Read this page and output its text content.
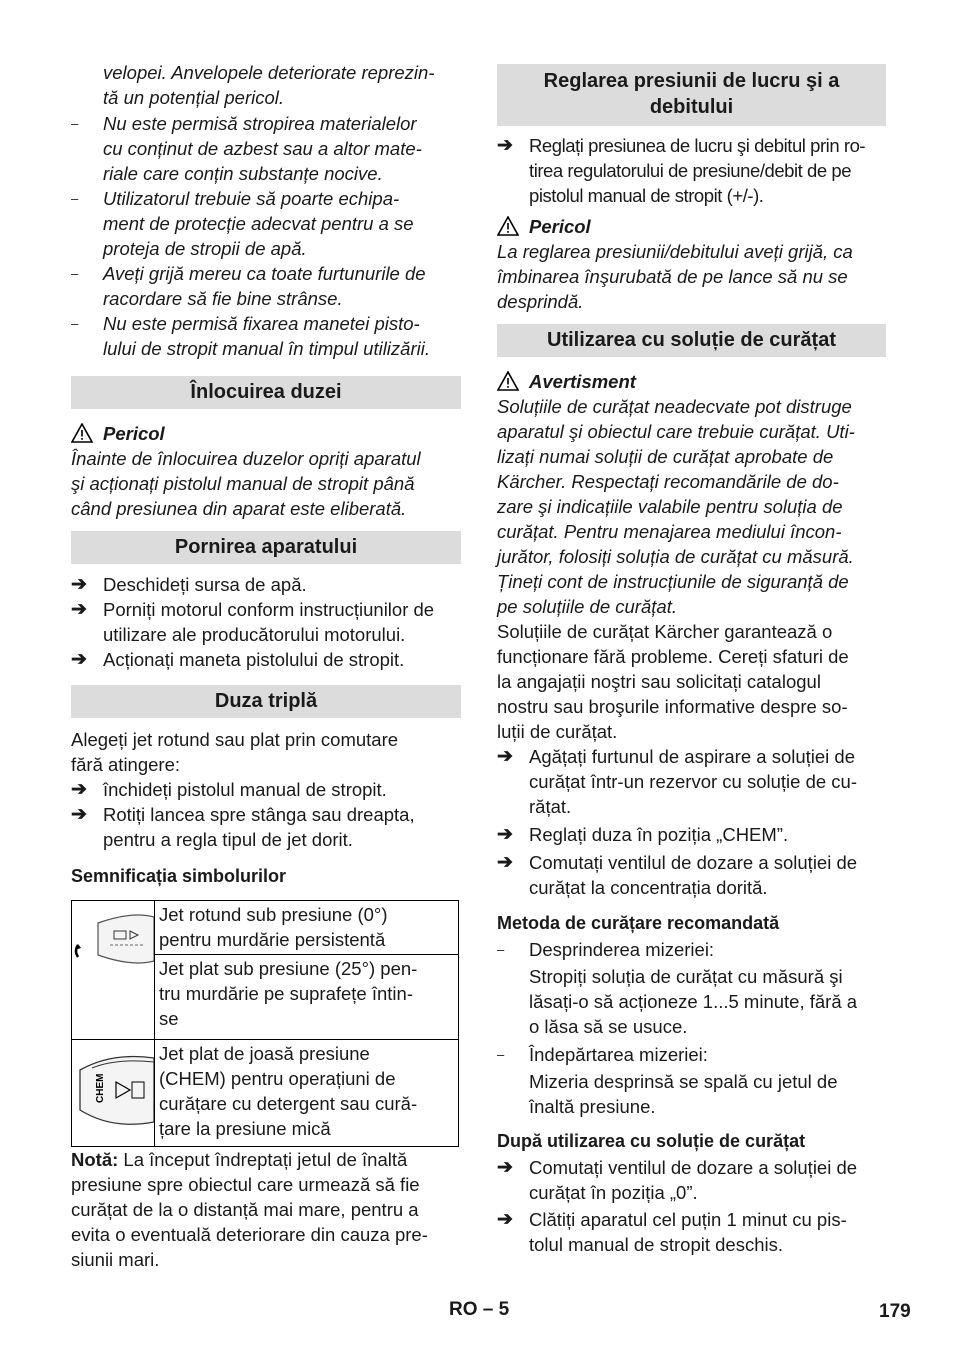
velopei. Anvelopele deteriorate reprezin-
tă un potențial pericol.

– Nu este permisă stropirea materialelor
cu conținut de azbest sau a altor mate-
riale care conțin substanțe nocive.

– Utilizatorul trebuie să poarte echipa-
ment de protecție adecvat pentru a se
proteja de stropii de apă.

– Aveți grijă mereu ca toate furtunurile de
racordare să fie bine strânse.

– Nu este permisă fixarea manetei pisto-
lului de stropit manual în timpul utilizării.

Înlocuirea duzei

Pericol

Înainte de înlocuirea duzelor opriți aparatul
şi acționați pistolul manual de stropit până
când presiunea din aparat este eliberată.

Pornirea aparatului

➔ Deschideți sursa de apă.

➔ Porniți motorul conform instrucțiunilor de
utilizare ale producătorului motorului.

➔ Acționați maneta pistolului de stropit.

Duza triplă

Alegeți jet rotund sau plat prin comutare
fără atingere:

➔ închideți pistolul manual de stropit.

➔ Rotiți lancea spre stânga sau dreapta,
pentru a regla tipul de jet dorit.

Semnificația simbolurilor

	Jet rotund sub presiune (0°)
pentru murdărie persistentă
	Jet plat sub presiune (25°) pen-
tru murdărie pe suprafețe întin-
se

CHEM	Jet plat de joasă presiune
(CHEM) pentru operațiuni de
curățare cu detergent sau cură-
țare la presiune mică

Notă: La început îndreptați jetul de înaltă
presiune spre obiectul care urmează să fie
curățat de la o distanță mai mare, pentru a
evita o eventuală deteriorare din cauza pre-
siunii mari.

Reglarea presiunii de lucru şi a
debitului

➔ Reglați presiunea de lucru şi debitul prin ro-
tirea regulatorului de presiune/debit de pe
pistolul manual de stropit (+/-).

Pericol

La reglarea presiunii/debitului aveți grijă, ca
îmbinarea înşurubată de pe lance să nu se
desprindă.

Utilizarea cu soluție de curățat

Avertisment

Soluțiile de curățat neadecvate pot distruge
aparatul şi obiectul care trebuie curățat. Uti-
lizați numai soluții de curățat aprobate de
Kärcher. Respectați recomandările de do-
zare şi indicațiile valabile pentru soluția de
curățat. Pentru menajarea mediului încon-
jurător, folosiți soluția de curățat cu măsură.
Țineți cont de instrucțiunile de siguranță de
pe soluțiile de curățat.

Soluțiile de curățat Kärcher garantează o
funcționare fără probleme. Cereți sfaturi de
la angajații noştri sau solicitați catalogul
nostru sau broşurile informative despre so-
luții de curățat.

➔ Agățați furtunul de aspirare a soluției de
curățat într-un rezervor cu soluție de cu-
rățat.

➔ Reglați duza în poziția „CHEM”.

➔ Comutați ventilul de dozare a soluției de
curățat la concentrația dorită.

Metoda de curățare recomandată

– Desprinderea mizeriei:

Stropiți soluția de curățat cu măsură şi
lăsați-o să acționeze 1...5 minute, fără a
o lăsa să se usuce.

– Îndepărtarea mizeriei:

Mizeria desprinsă se spală cu jetul de
înaltă presiune.

După utilizarea cu soluție de curățat

➔ Comutați ventilul de dozare a soluției de
curățat în poziția „0”.

➔ Clătiți aparatul cel puțin 1 minut cu pis-
tolul manual de stropit deschis.

RO – 5	179
